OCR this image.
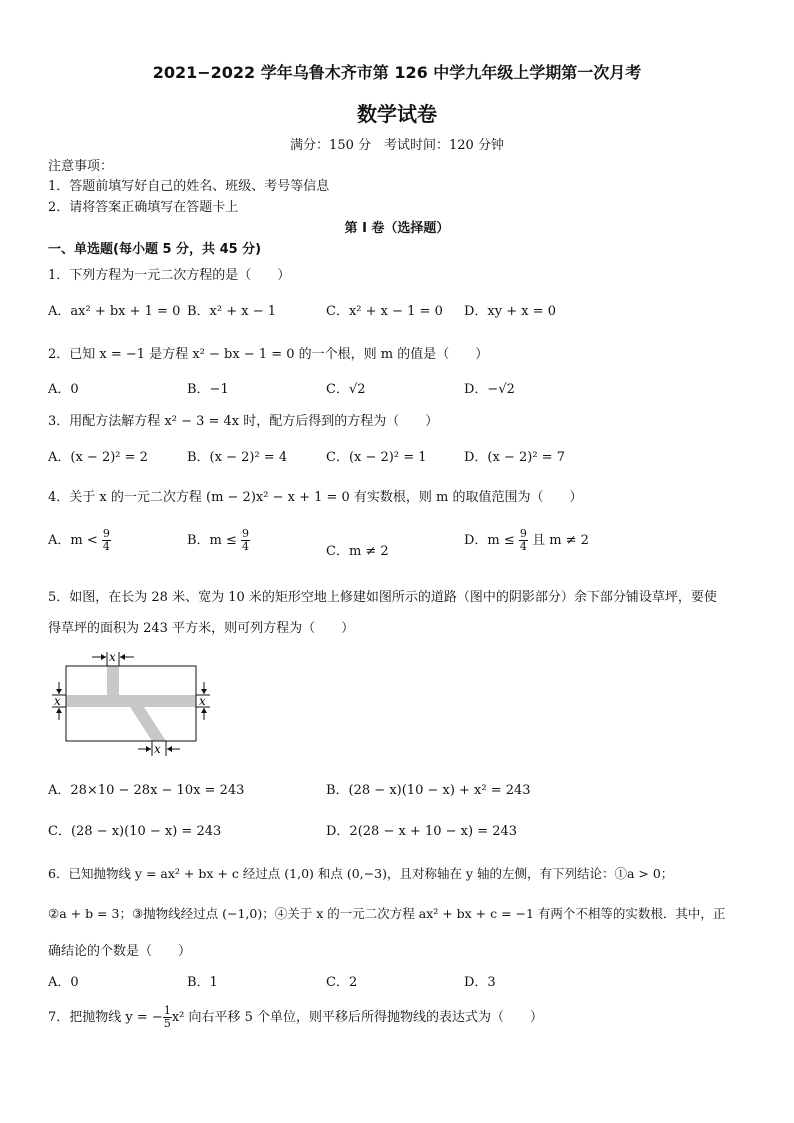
2021−2022 学年乌鲁木齐市第 126 中学九年级上学期第一次月考
数学试卷
满分：150 分　考试时间：120 分钟
注意事项：
1．答题前填写好自己的姓名、班级、考号等信息
2．请将答案正确填写在答题卡上
第 I 卷（选择题）
一、单选题(每小题 5 分，共 45 分)
1．下列方程为一元二次方程的是（　　）
A．ax² + bx + 1 = 0 B．x² + x − 1	C．x² + x − 1 = 0 D．xy + x = 0
2．已知 x = −1 是方程 x² − bx − 1 = 0 的一个根，则 m 的值是（　　）
A．0	B．−1	C．√2	D．−√2
3．用配方法解方程 x² − 3 = 4x 时，配方后得到的方程为（　　）
A．(x − 2)² = 2	B．(x − 2)² = 4	C．(x − 2)² = 1	D．(x − 2)² = 7
4．关于 x 的一元二次方程 (m − 2)x² − x + 1 = 0 有实数根，则 m 的取值范围为（　　）
A．$m < \frac{9}{4}$	B．$m \le \frac{9}{4}$	C．m ≠ 2
D．$m \le \frac{9}{4}$ 且 m ≠ 2
5．如图，在长为 28 米、宽为 10 米的矩形空地上修建如图所示的道路（图中的阴影部分）余下部分铺设草坪，要使
得草坪的面积为 243 平方米，则可列方程为（　　）
x
x	x
x
A．28×10 − 28x − 10x = 243	B．(28 − x)(10 − x) + x² = 243
C．(28 − x)(10 − x) = 243	D．2(28 − x + 10 − x) = 243
6．已知抛物线 y = ax² + bx + c 经过点 (1,0) 和点 (0,−3)，且对称轴在 y 轴的左侧，有下列结论：①a > 0；
②a + b = 3；③抛物线经过点 (−1,0)；④关于 x 的一元二次方程 ax² + bx + c = −1 有两个不相等的实数根．其中，正
确结论的个数是（　　）
A．0	B．1	C．2	D．3
7．把抛物线 y = − $\frac{1}{5} x^2$ 向右平移 5 个单位，则平移后所得抛物线的表达式为（　　）
